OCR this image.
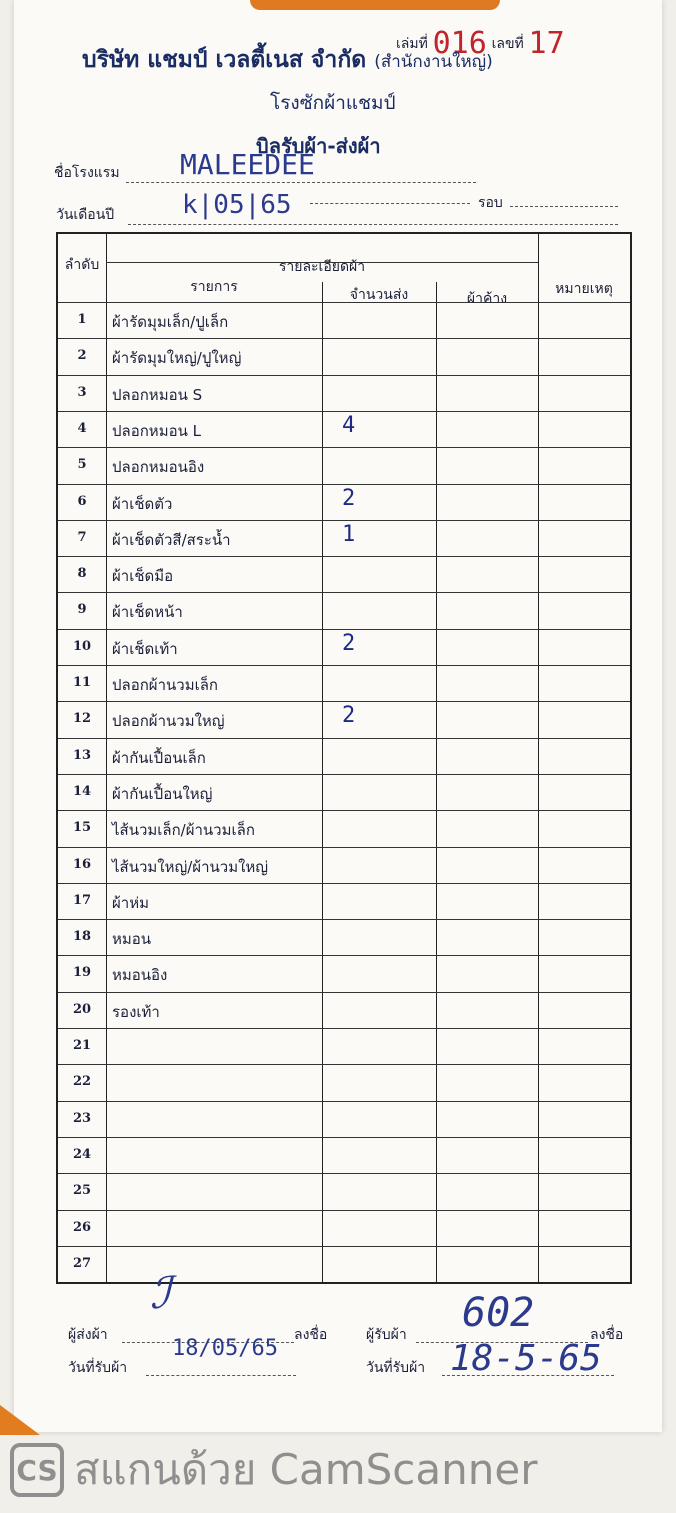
เล่มที่ 016 เลขที่ 17
บริษัท แชมป์ เวลตี้เนส จำกัด (สำนักงานใหญ่)
โรงซักผ้าแชมป์
บิลรับผ้า-ส่งผ้า
ชื่อโรงแรม MALEEDEE
รอบ
วันเดือนปี	k|05|65
ลำดับ	รายละเอียดผ้า
รายการ	จำนวนส่ง	ผ้าค้าง
หมายเหตุ
1	ผ้ารัดมุมเล็ก/ปูเล็ก
2	ผ้ารัดมุมใหญ่/ปูใหญ่
3	ปลอกหมอน S
4	ปลอกหมอน L	4
5	ปลอกหมอนอิง
6	ผ้าเช็ดตัว	2
7	ผ้าเช็ดตัวสี/สระน้ำ	1
8	ผ้าเช็ดมือ
9	ผ้าเช็ดหน้า
10	ผ้าเช็ดเท้า	2
11	ปลอกผ้านวมเล็ก
12	ปลอกผ้านวมใหญ่	2
13	ผ้ากันเปื้อนเล็ก
14	ผ้ากันเปื้อนใหญ่
15	ไส้นวมเล็ก/ผ้านวมเล็ก
16	ไส้นวมใหญ่/ผ้านวมใหญ่
17	ผ้าห่ม
18	หมอน
19	หมอนอิง
20	รองเท้า
21
22
23
24
25
26
27
ผู้ส่งผ้า
ℐ
ลงชื่อ
วันที่รับผ้า
18/05/65
ผู้รับผ้า 602	ลงชื่อ
วันที่รับผ้า 18-5-65
CS สแกนด้วย CamScanner
